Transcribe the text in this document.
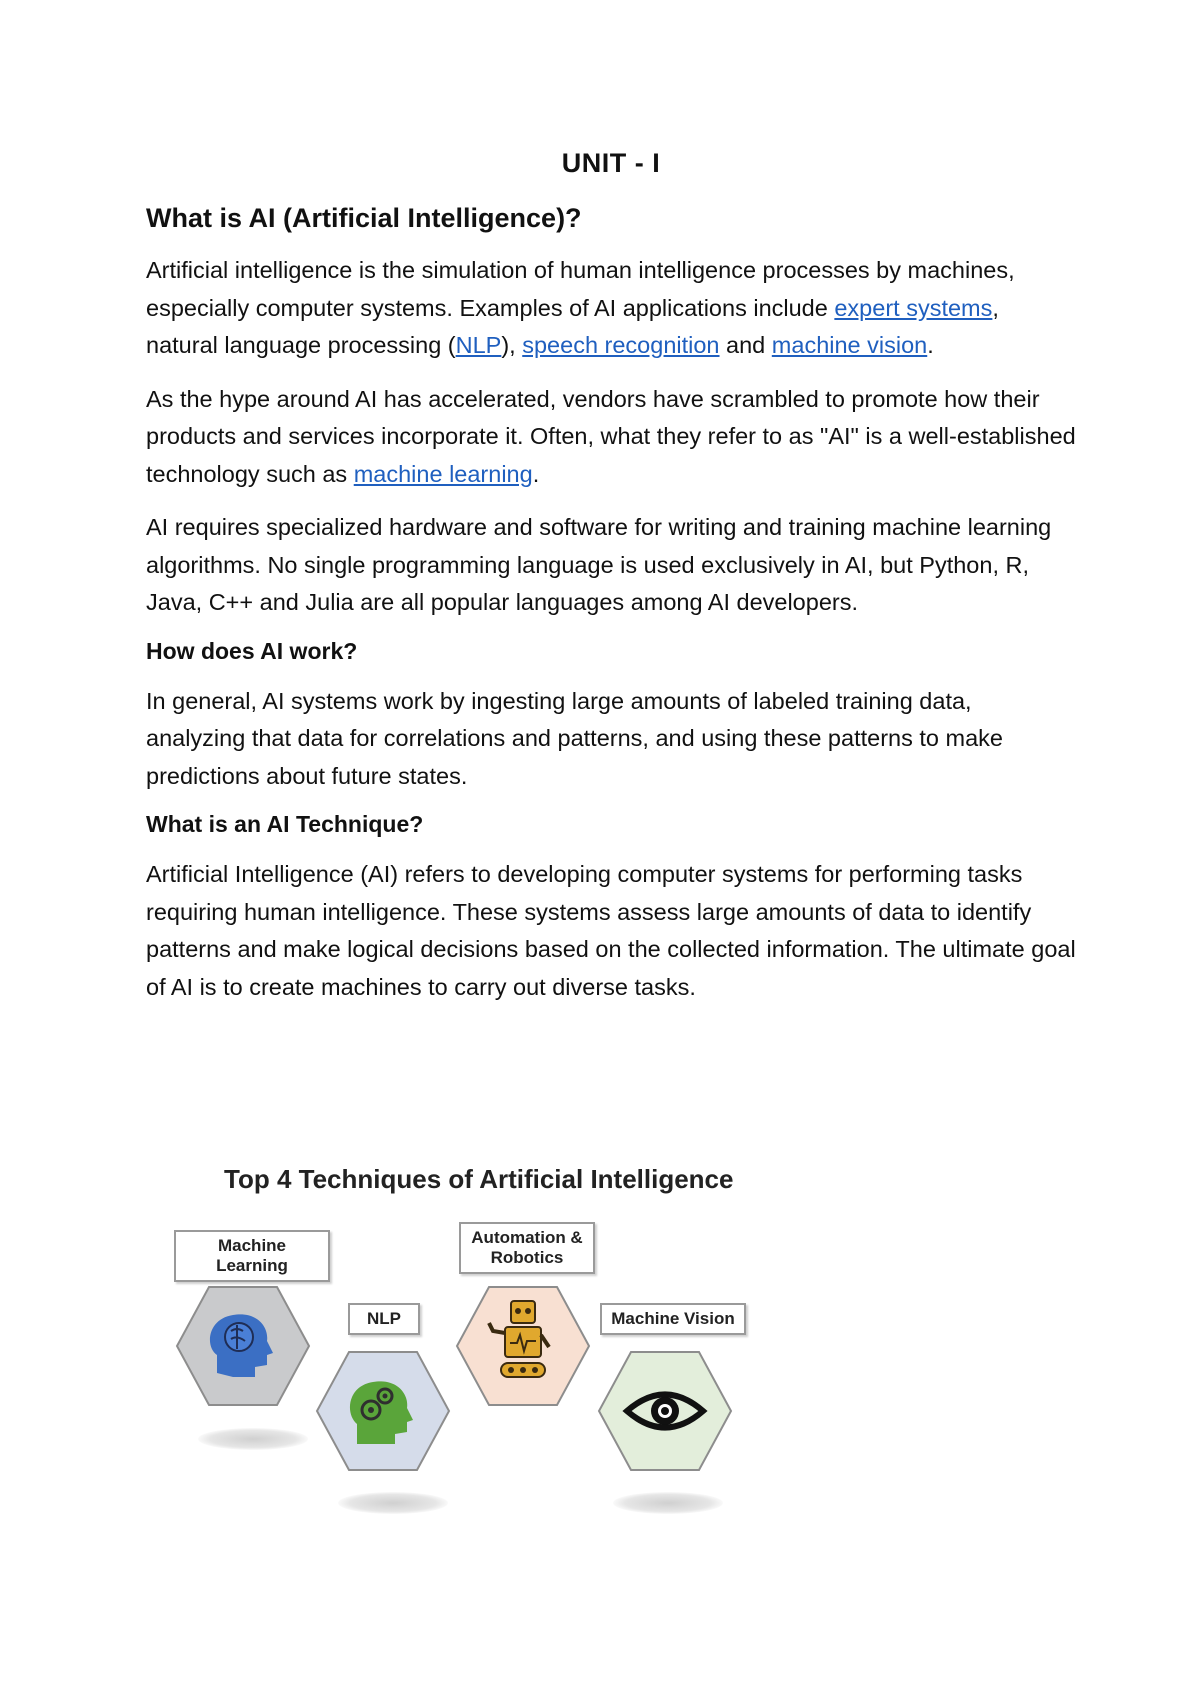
UNIT - I
What is AI (Artificial Intelligence)?

Artificial intelligence is the simulation of human intelligence processes by machines, especially computer systems. Examples of AI applications include expert systems, natural language processing (NLP), speech recognition and machine vision.

As the hype around AI has accelerated, vendors have scrambled to promote how their products and services incorporate it. Often, what they refer to as "AI" is a well-established technology such as machine learning.

AI requires specialized hardware and software for writing and training machine learning algorithms. No single programming language is used exclusively in AI, but Python, R, Java, C++ and Julia are all popular languages among AI developers.

How does AI work?

In general, AI systems work by ingesting large amounts of labeled training data, analyzing that data for correlations and patterns, and using these patterns to make predictions about future states.

What is an AI Technique?

Artificial Intelligence (AI) refers to developing computer systems for performing tasks requiring human intelligence. These systems assess large amounts of data to identify patterns and make logical decisions based on the collected information. The ultimate goal of AI is to create machines to carry out diverse tasks.

Top 4 Techniques of Artificial Intelligence
Machine Learning
NLP
Automation &
Robotics
Machine Vision
